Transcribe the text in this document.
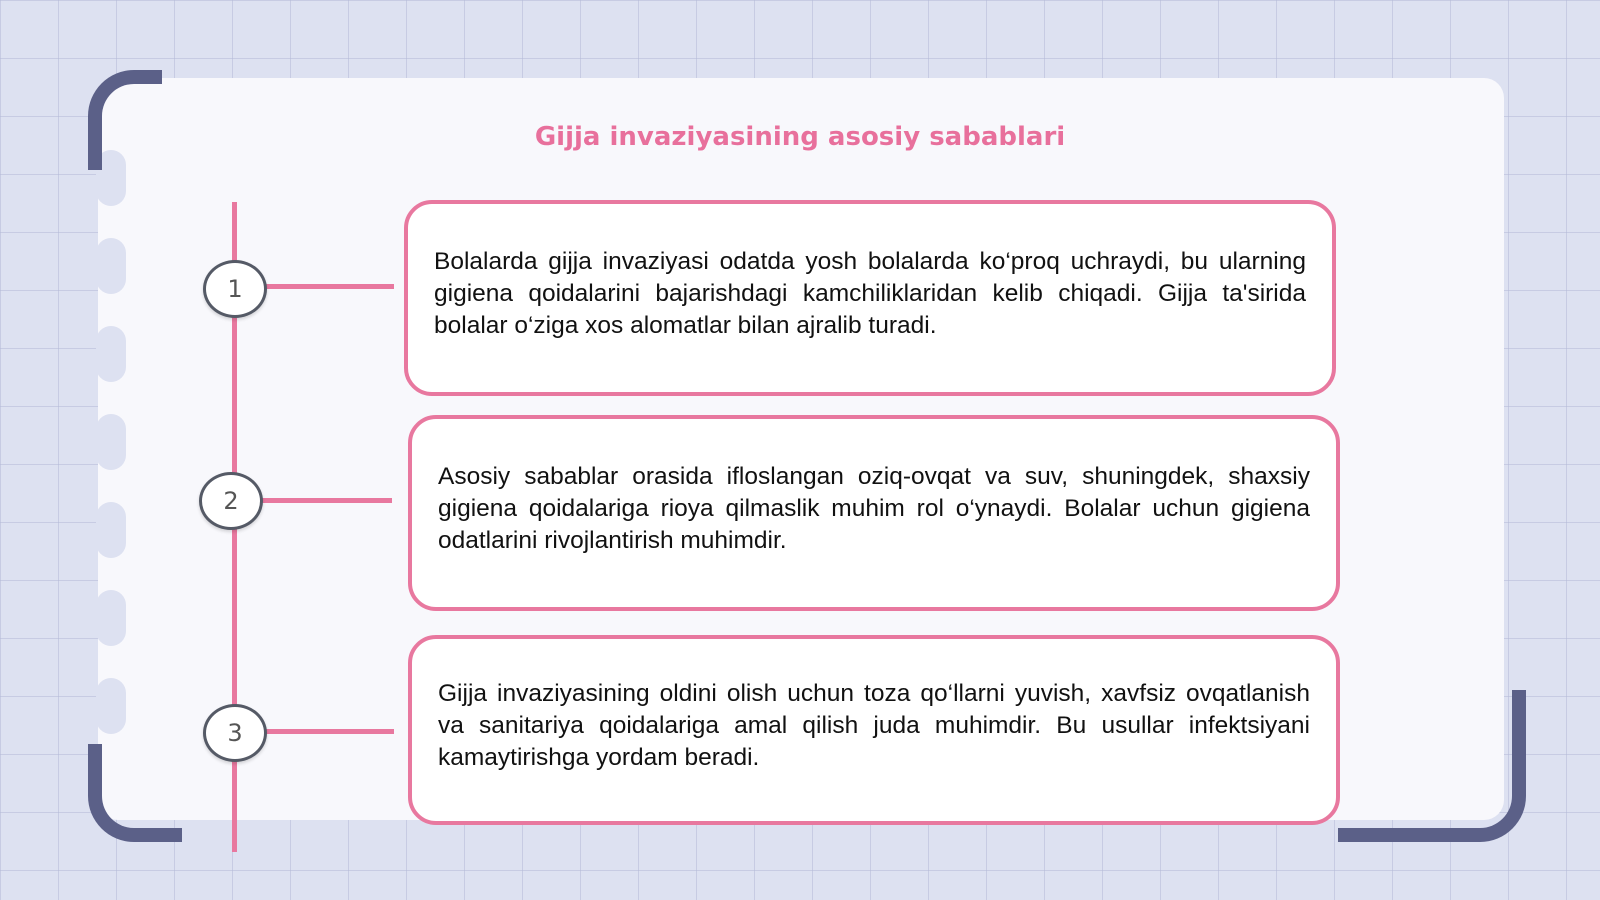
Gijja invaziyasining asosiy sabablari
1
2
3

Bolalarda gijja invaziyasi odatda yosh bolalarda ko‘proq uchraydi, bu ularning gigiena qoidalarini bajarishdagi kamchiliklaridan kelib chiqadi. Gijja ta'sirida bolalar o‘ziga xos alomatlar bilan ajralib turadi.

Asosiy sabablar orasida ifloslangan oziq-ovqat va suv, shuningdek, shaxsiy gigiena qoidalariga rioya qilmaslik muhim rol o‘ynaydi. Bolalar uchun gigiena odatlarini rivojlantirish muhimdir.

Gijja invaziyasining oldini olish uchun toza qo‘llarni yuvish, xavfsiz ovqatlanish va sanitariya qoidalariga amal qilish juda muhimdir. Bu usullar infektsiyani kamaytirishga yordam beradi.
